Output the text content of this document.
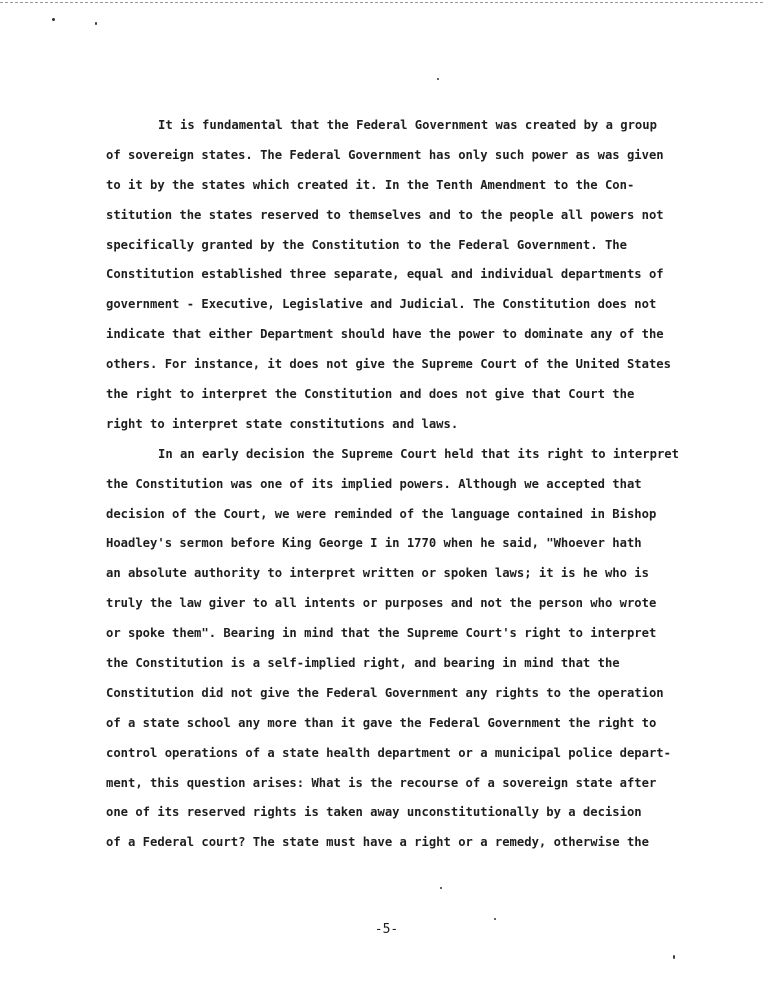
It is fundamental that the Federal Government was created by a group
of sovereign states. The Federal Government has only such power as was given
to it by the states which created it. In the Tenth Amendment to the Con-
stitution the states reserved to themselves and to the people all powers not
specifically granted by the Constitution to the Federal Government. The
Constitution established three separate, equal and individual departments of
government - Executive, Legislative and Judicial. The Constitution does not
indicate that either Department should have the power to dominate any of the
others. For instance, it does not give the Supreme Court of the United States
the right to interpret the Constitution and does not give that Court the
right to interpret state constitutions and laws.
In an early decision the Supreme Court held that its right to interpret
the Constitution was one of its implied powers. Although we accepted that
decision of the Court, we were reminded of the language contained in Bishop
Hoadley's sermon before King George I in 1770 when he said, "Whoever hath
an absolute authority to interpret written or spoken laws; it is he who is
truly the law giver to all intents or purposes and not the person who wrote
or spoke them". Bearing in mind that the Supreme Court's right to interpret
the Constitution is a self-implied right, and bearing in mind that the
Constitution did not give the Federal Government any rights to the operation
of a state school any more than it gave the Federal Government the right to
control operations of a state health department or a municipal police depart-
ment, this question arises: What is the recourse of a sovereign state after
one of its reserved rights is taken away unconstitutionally by a decision
of a Federal court? The state must have a right or a remedy, otherwise the
-5-
